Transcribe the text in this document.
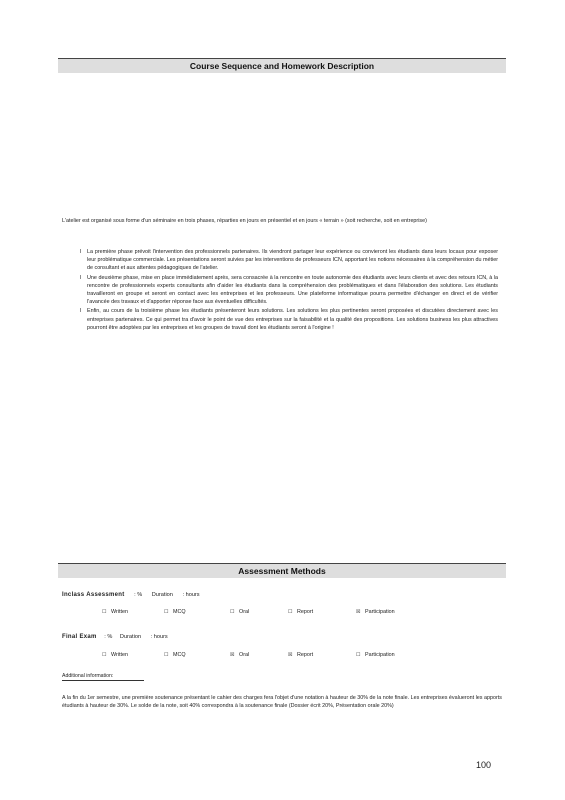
Course Sequence and Homework Description

L'atelier est organisé sous forme d'un séminaire en trois phases, réparties en jours en présentiel et en jours « terrain » (soit recherche, soit en entreprise)

I La première phase prévoit l'intervention des professionnels partenaires. Ils viendront partager leur expérience ou convieront les étudiants dans leurs locaux pour exposer leur problématique commerciale. Les présentations seront suivies par les interventions de professeurs ICN, apportant les notions nécessaires à la compréhension du métier de consultant et aux attentes pédagogiques de l'atelier.
I Une deuxième phase, mise en place immédiatement après, sera consacrée à la rencontre en toute autonomie des étudiants avec leurs clients et avec des retours ICN, à la rencontre de professionnels experts consultants afin d'aider les étudiants dans la compréhension des problématiques et dans l'élaboration des solutions. Les étudiants travailleront en groupe et seront en contact avec les entreprises et les professeurs. Une plateforme informatique pourra permettre d'échanger en direct et de vérifier l'avancée des travaux et d'apporter réponse face aux éventuelles difficultés.
I Enfin, au cours de la troisième phase les étudiants présenteront leurs solutions. Les solutions les plus pertinentes seront proposées et discutées directement avec les entreprises partenaires. Ce qui permet tra d'avoir le point de vue des entreprises sur la faisabilité et la qualité des propositions. Les solutions business les plus attractives pourront être adoptées par les entreprises et les groupes de travail dont les étudiants seront à l'origine !
Assessment Methods
Inclass Assessment : % Duration : hours
☐ Written	☐ MCQ	☐ Oral	☐ Report	☒ Participation
Final Exam : % Duration : hours
☐ Written	☐ MCQ	☒ Oral	☒ Report	☐ Participation
Additional information:
A la fin du 1er semestre, une première soutenance présentant le cahier des charges fera l'objet d'une notation à hauteur de 30% de la note finale. Les entreprises évalueront les apports étudiants à hauteur de 30%. Le solde de la note, soit 40% correspondra à la soutenance finale (Dossier écrit 20%, Présentation orale 20%)
100
